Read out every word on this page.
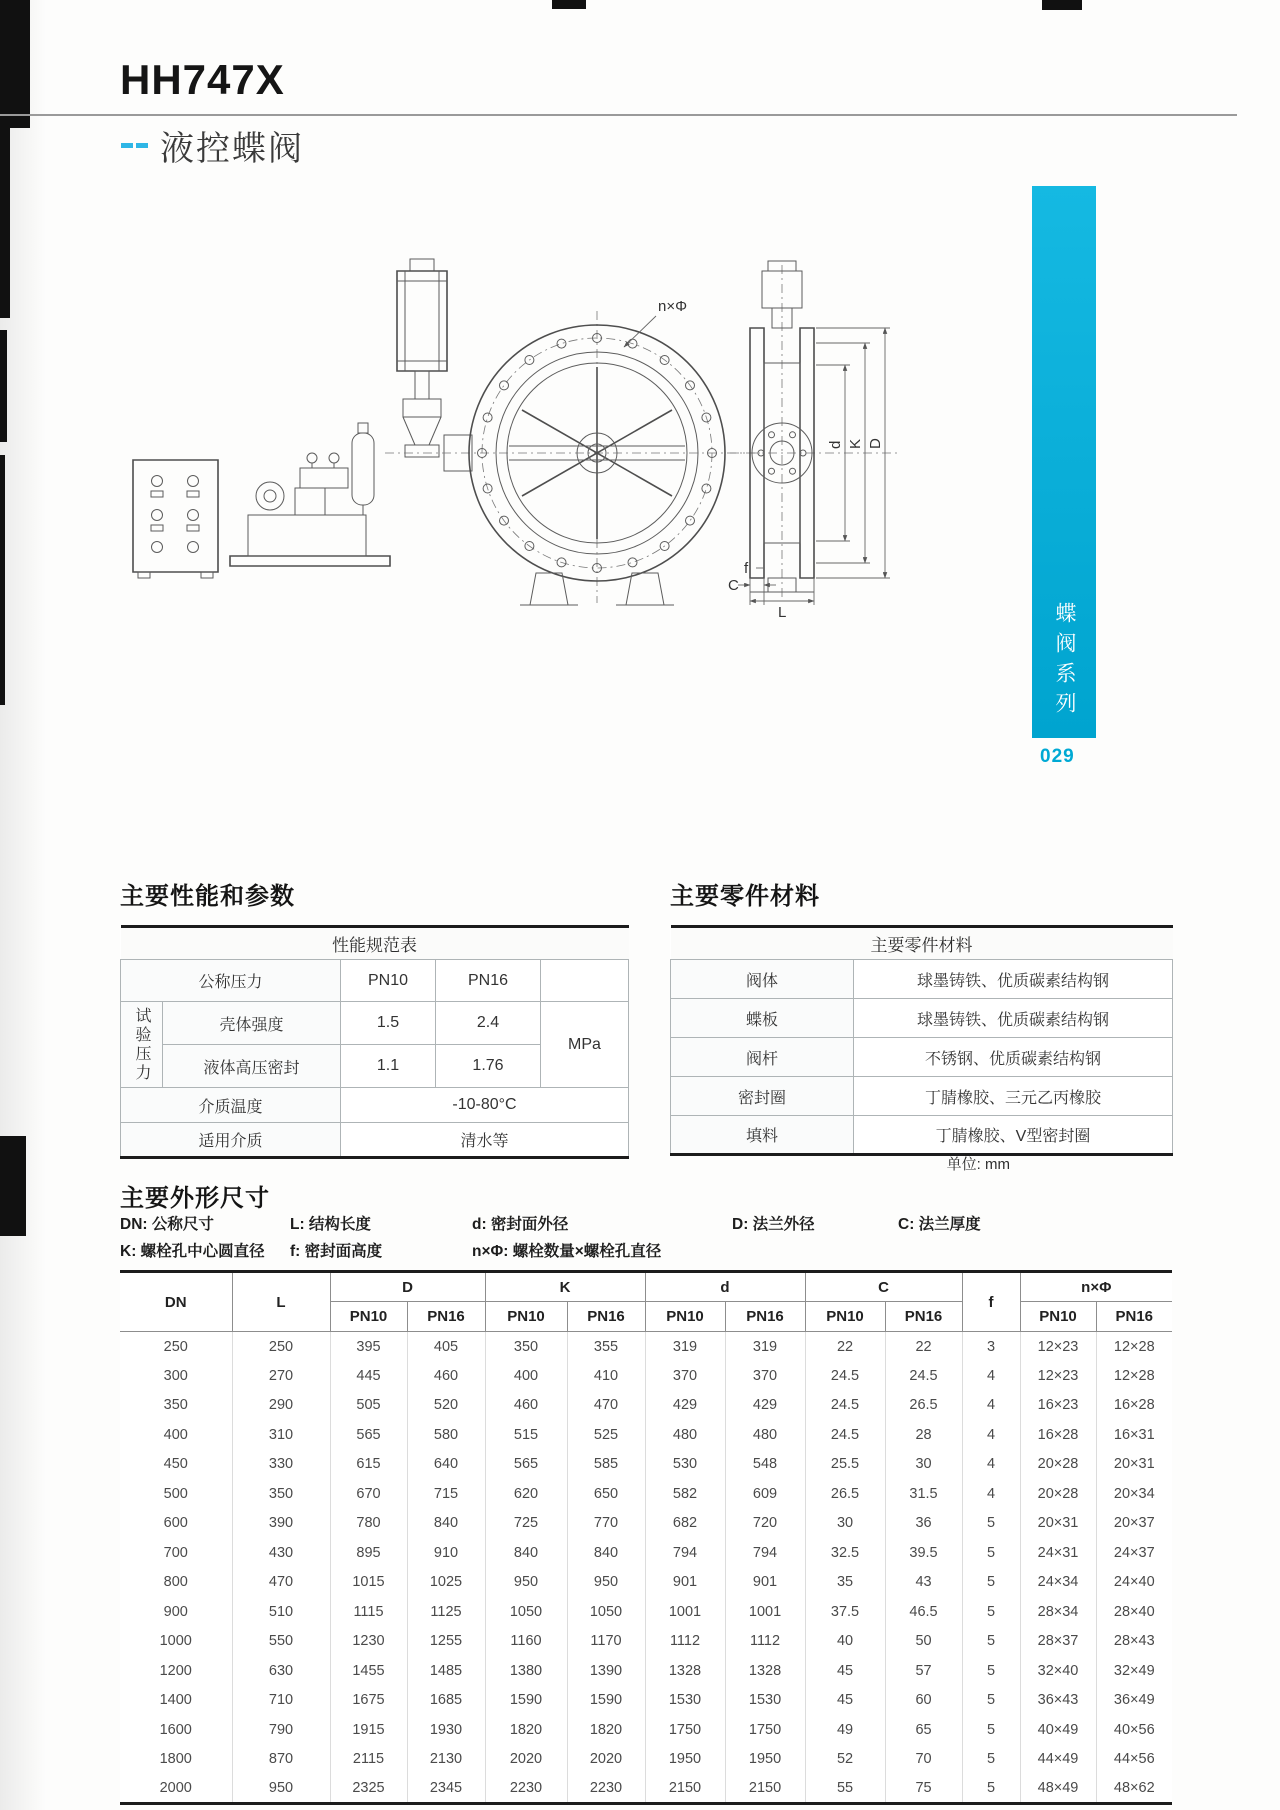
HH747X
液控蝶阀
蝶阀系列
029
n×Φ
d K D
f
C
L
主要性能和参数
性能规范表				
公称压力		PN10	PN16	
试验压力	壳体强度	1.5	2.4	MPa
	液体高压密封	1.1	1.76	
介质温度		-10-80°C		
适用介质		清水等		
主要零件材料
主要零件材料	
阀体	球墨铸铁、优质碳素结构钢
蝶板	球墨铸铁、优质碳素结构钢
阀杆	不锈钢、优质碳素结构钢
密封圈	丁腈橡胶、三元乙丙橡胶
填料	丁腈橡胶、V型密封圈
主要外形尺寸
单位: mm
DN: 公称尺寸	L: 结构长度	d: 密封面外径	D: 法兰外径	C: 法兰厚度
K: 螺栓孔中心圆直径 f: 密封面高度	n×Φ: 螺栓数量×螺栓孔直径
DN	L	D		K		d		C		f	n×Φ	
		PN10	PN16	PN10	PN16	PN10	PN16	PN10	PN16		PN10	PN16
250	250	395	405	350	355	319	319	22	22	3	12×23	12×28
300	270	445	460	400	410	370	370	24.5	24.5	4	12×23	12×28
350	290	505	520	460	470	429	429	24.5	26.5	4	16×23	16×28
400	310	565	580	515	525	480	480	24.5	28	4	16×28	16×31
450	330	615	640	565	585	530	548	25.5	30	4	20×28	20×31
500	350	670	715	620	650	582	609	26.5	31.5	4	20×28	20×34
600	390	780	840	725	770	682	720	30	36	5	20×31	20×37
700	430	895	910	840	840	794	794	32.5	39.5	5	24×31	24×37
800	470	1015	1025	950	950	901	901	35	43	5	24×34	24×40
900	510	1115	1125	1050	1050	1001	1001	37.5	46.5	5	28×34	28×40
1000	550	1230	1255	1160	1170	1112	1112	40	50	5	28×37	28×43
1200	630	1455	1485	1380	1390	1328	1328	45	57	5	32×40	32×49
1400	710	1675	1685	1590	1590	1530	1530	45	60	5	36×43	36×49
1600	790	1915	1930	1820	1820	1750	1750	49	65	5	40×49	40×56
1800	870	2115	2130	2020	2020	1950	1950	52	70	5	44×49	44×56
2000	950	2325	2345	2230	2230	2150	2150	55	75	5	48×49	48×62
